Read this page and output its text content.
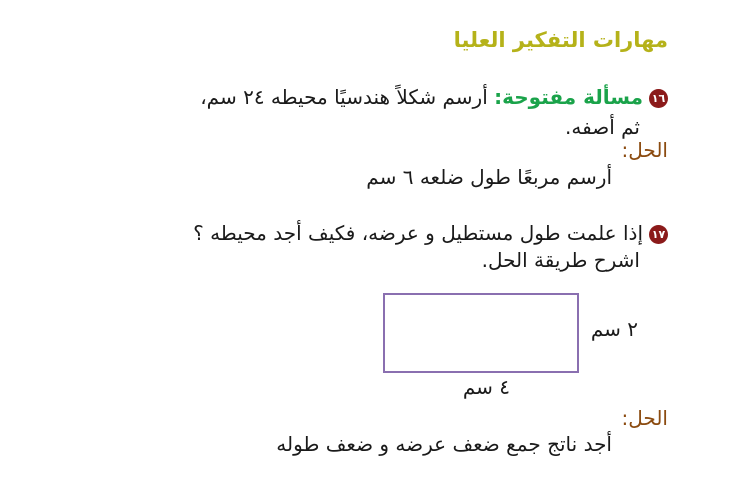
مهارات التفكير العليا
١٦مسألة مفتوحة: أرسم شكلاً هندسيًا محيطه ٢٤ سم،
ثم أصفه.
الحل:
أرسم مربعًا طول ضلعه ٦ سم
١٧إذا علمت طول مستطيل و عرضه، فكيف أجد محيطه ؟
اشرح طريقة الحل.
٢ سم
٤ سم
الحل:
أجد ناتج جمع ضعف عرضه و ضعف طوله
